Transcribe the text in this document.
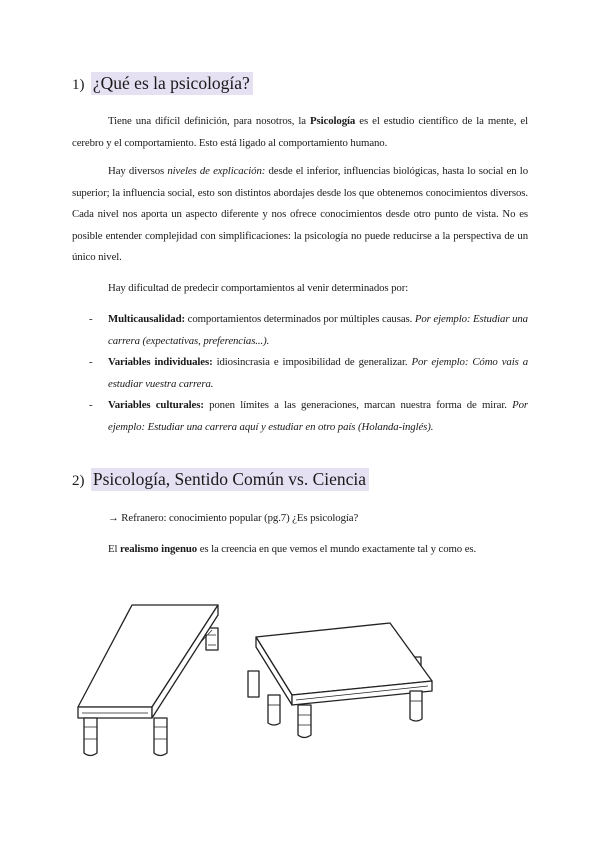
1) ¿Qué es la psicología?
Tiene una difícil definición, para nosotros, la Psicología es el estudio científico de la mente, el cerebro y el comportamiento. Esto está ligado al comportamiento humano.
Hay diversos niveles de explicación: desde el inferior, influencias biológicas, hasta lo social en lo superior; la influencia social, esto son distintos abordajes desde los que obtenemos conocimientos diversos. Cada nivel nos aporta un aspecto diferente y nos ofrece conocimientos desde otro punto de vista. No es posible entender complejidad con simplificaciones: la psicología no puede reducirse a la perspectiva de un único nivel.
Hay dificultad de predecir comportamientos al venir determinados por:
- Multicausalidad: comportamientos determinados por múltiples causas. Por ejemplo: Estudiar una carrera (expectativas, preferencias...).
- Variables individuales: idiosincrasia e imposibilidad de generalizar. Por ejemplo: Cómo vais a estudiar vuestra carrera.
- Variables culturales: ponen límites a las generaciones, marcan nuestra forma de mirar. Por ejemplo: Estudiar una carrera aquí y estudiar en otro país (Holanda-inglés).
2) Psicología, Sentido Común vs. Ciencia
→ Refranero: conocimiento popular (pg.7) ¿Es psicología?
El realismo ingenuo es la creencia en que vemos el mundo exactamente tal y como es.
